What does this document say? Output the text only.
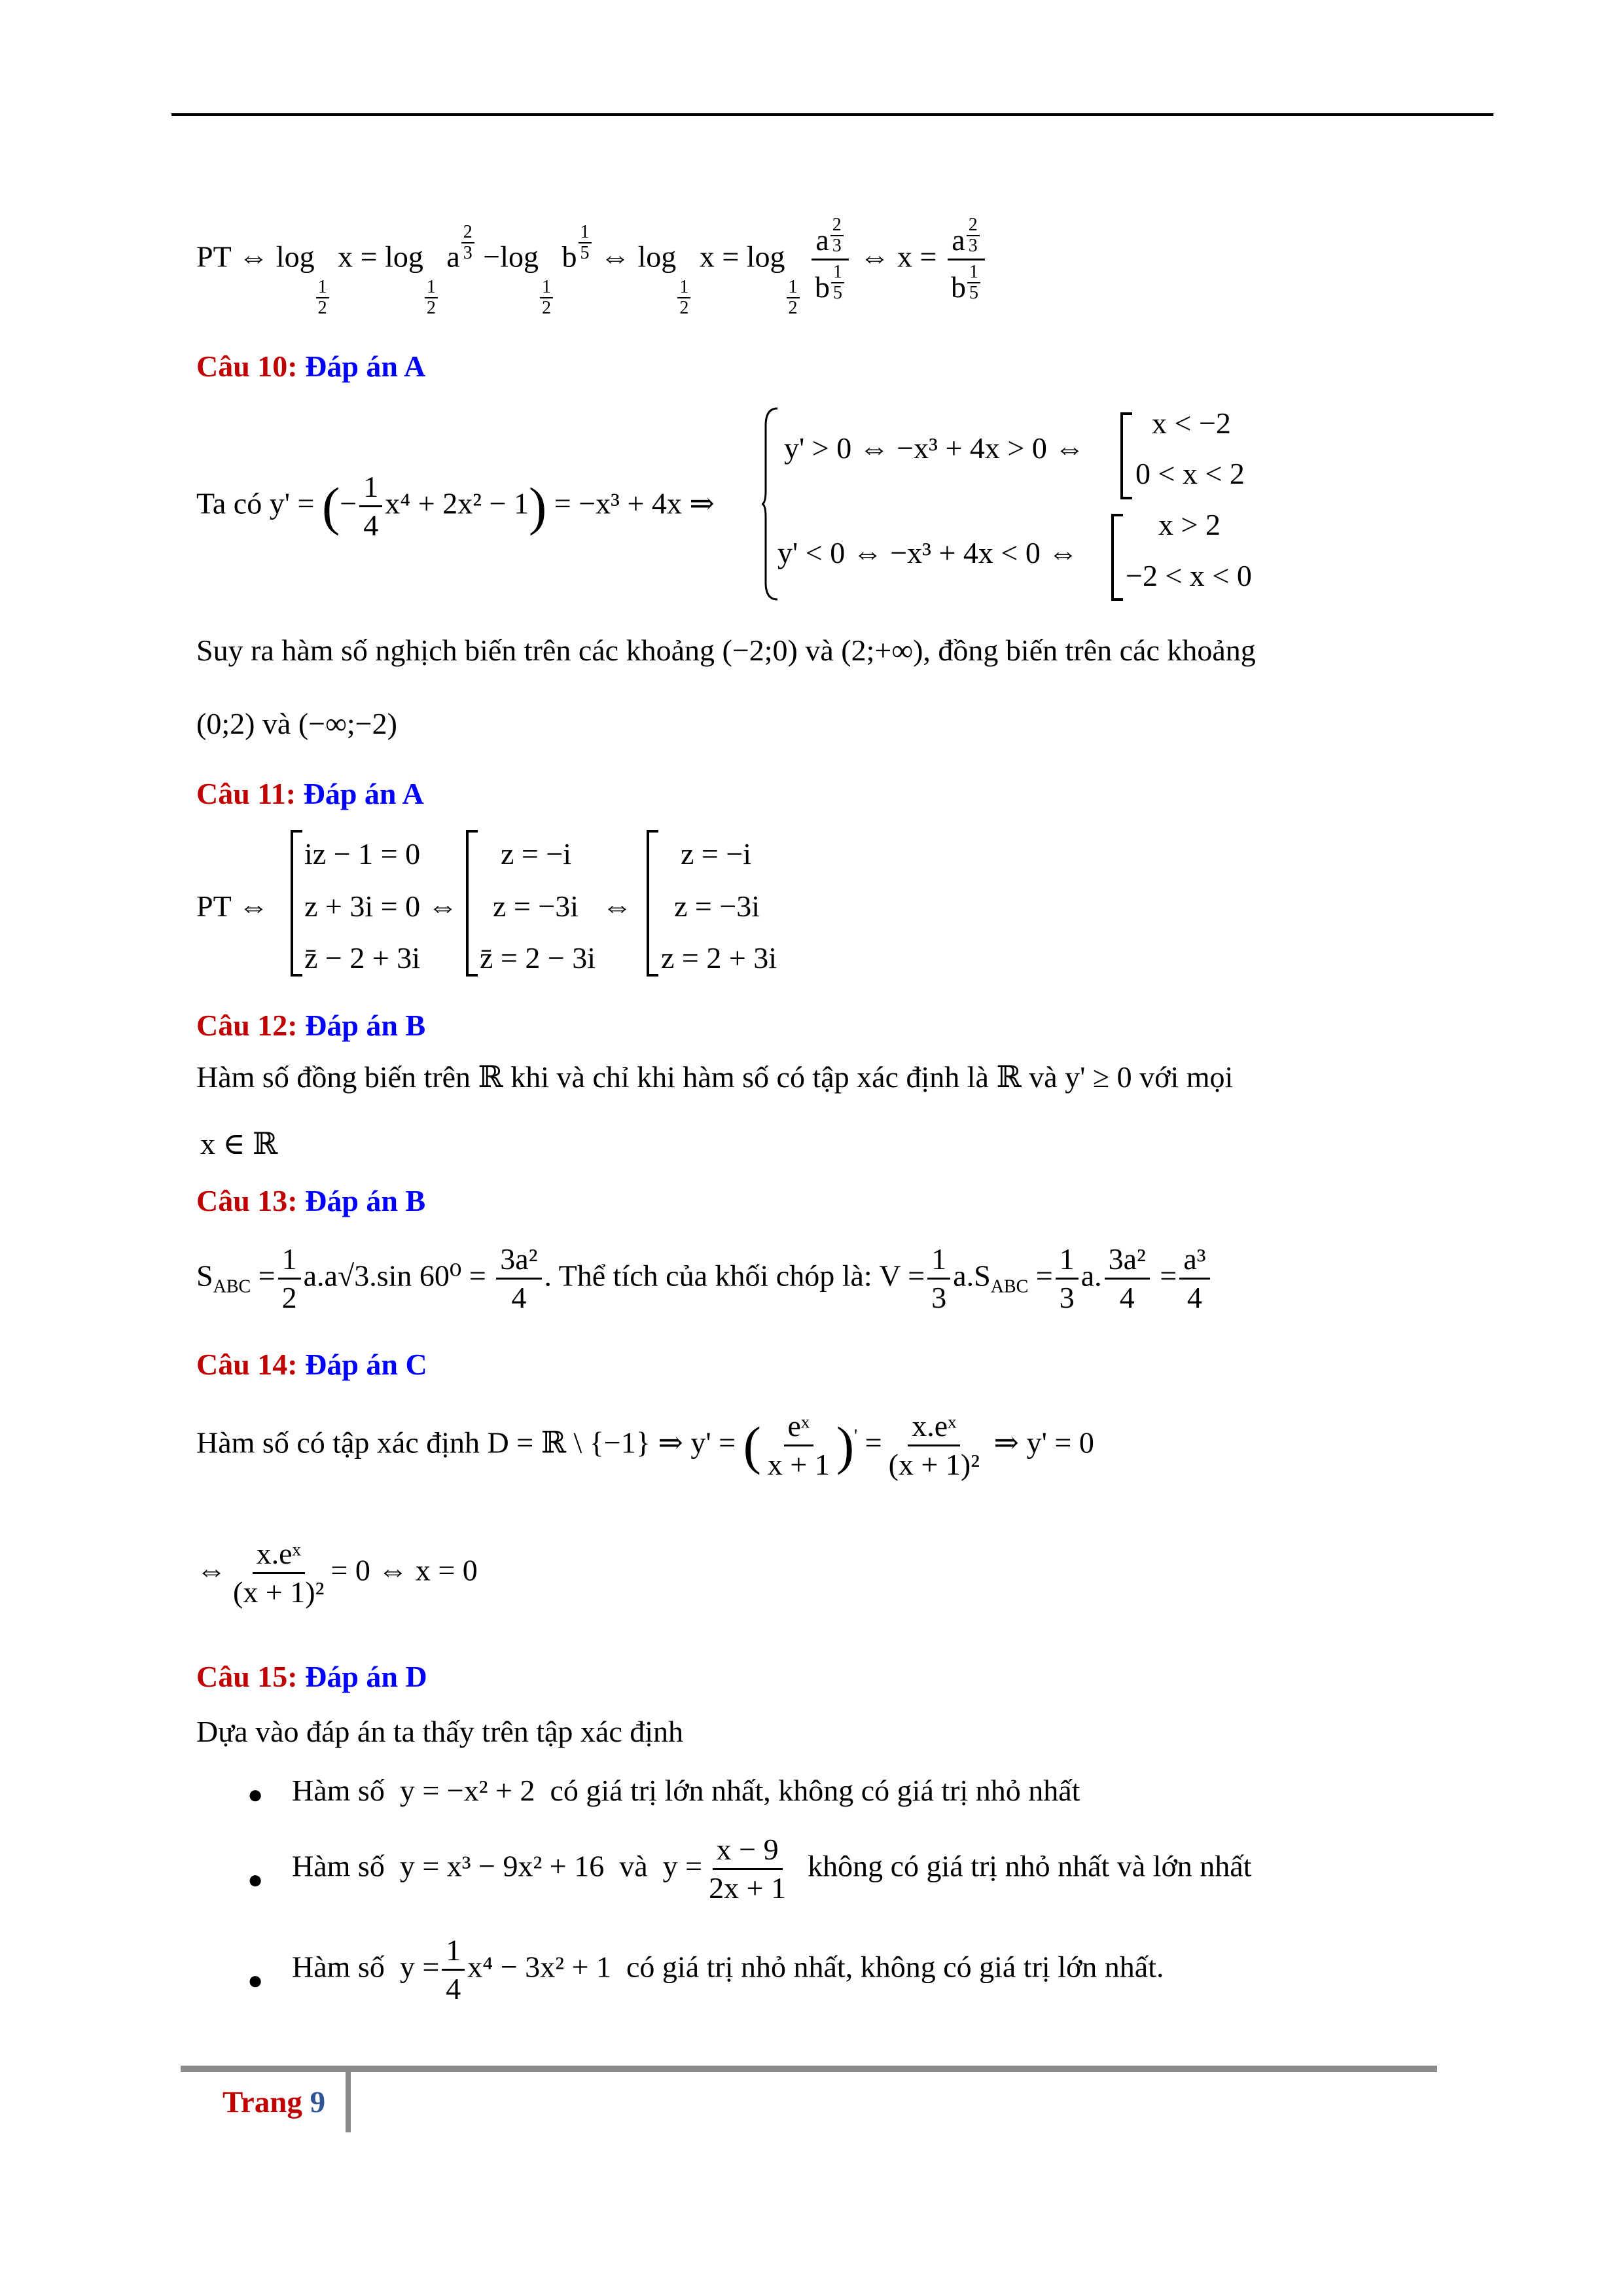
PT ⇔ log
$\frac{1}{2}$
x = log
$\frac{1}{2}$
a $\frac{2}{3} -\log$
$\frac{1}{2}$
b $\frac{1}{5}$ ⇔ log
$\frac{1}{2}$
x = log
$\frac{1}{2}$
$\frac{a \frac{2}{3}}{b \frac{1}{5}}$ ⇔ $x = \frac{a \frac{2}{3}}{b \frac{1}{5}}$
Câu 10: Đáp án A
Ta có y' = (− $\frac{1}{4} x^4 + 2x^2 - 1) = -x^3 + 4x$ ⇒
y' > 0 ⇔ −x³ + 4x > 0 ⇔
x < −2
0 < x < 2
y' < 0 ⇔ −x³ + 4x < 0 ⇔
x > 2
−2 < x < 0
Suy ra hàm số nghịch biến trên các khoảng (−2;0) và (2;+∞), đồng biến trên các khoảng
(0;2) và (−∞;−2)
Câu 11: Đáp án A
PT ⇔
iz − 1 = 0
z + 3i = 0 ⇔
z̄ − 2 + 3i
z = −i
z = −3i
z̄ = 2 − 3i
⇔
z = −i
z = −3i
z = 2 + 3i
Câu 12: Đáp án B
Hàm số đồng biến trên ℝ khi và chỉ khi hàm số có tập xác định là ℝ và y' ≥ 0 với mọi
x ∈ ℝ
Câu 13: Đáp án B
$S_{ABC} = \frac{1}{2} a.a√3.\sin$ $60^0 = \frac{\text{3a²}}{4}$ . Thể tích của khối chóp là: $V = \frac{1}{3} a.S_{ABC} = \frac{1}{3} a$. $\frac{\text{3a²}}{4} = \frac{\text{a³}}{4}$
Câu 14: Đáp án C
Hàm số có tập xác định D = ℝ \ {−1} ⇒ y' = ( $\frac{\text{eˣ}}{x + 1} )' = \frac{\text{x.eˣ}}{\text{(x + 1)²}}$ ⇒ y' = 0
⇔ $\frac{\text{x.eˣ}}{\text{(x + 1)²}} = 0$ ⇔ x = 0
Câu 15: Đáp án D
Dựa vào đáp án ta thấy trên tập xác định
● Hàm số y = −x² + 2 có giá trị lớn nhất, không có giá trị nhỏ nhất
● Hàm số y = x³ − 9x² + 16 và $y = \frac{x - 9}{2x + 1}$ không có giá trị nhỏ nhất và lớn nhất
● Hàm số $y = \frac{1}{4} x^4 - 3x^2 + 1$ có giá trị nhỏ nhất, không có giá trị lớn nhất.
Trang 9
